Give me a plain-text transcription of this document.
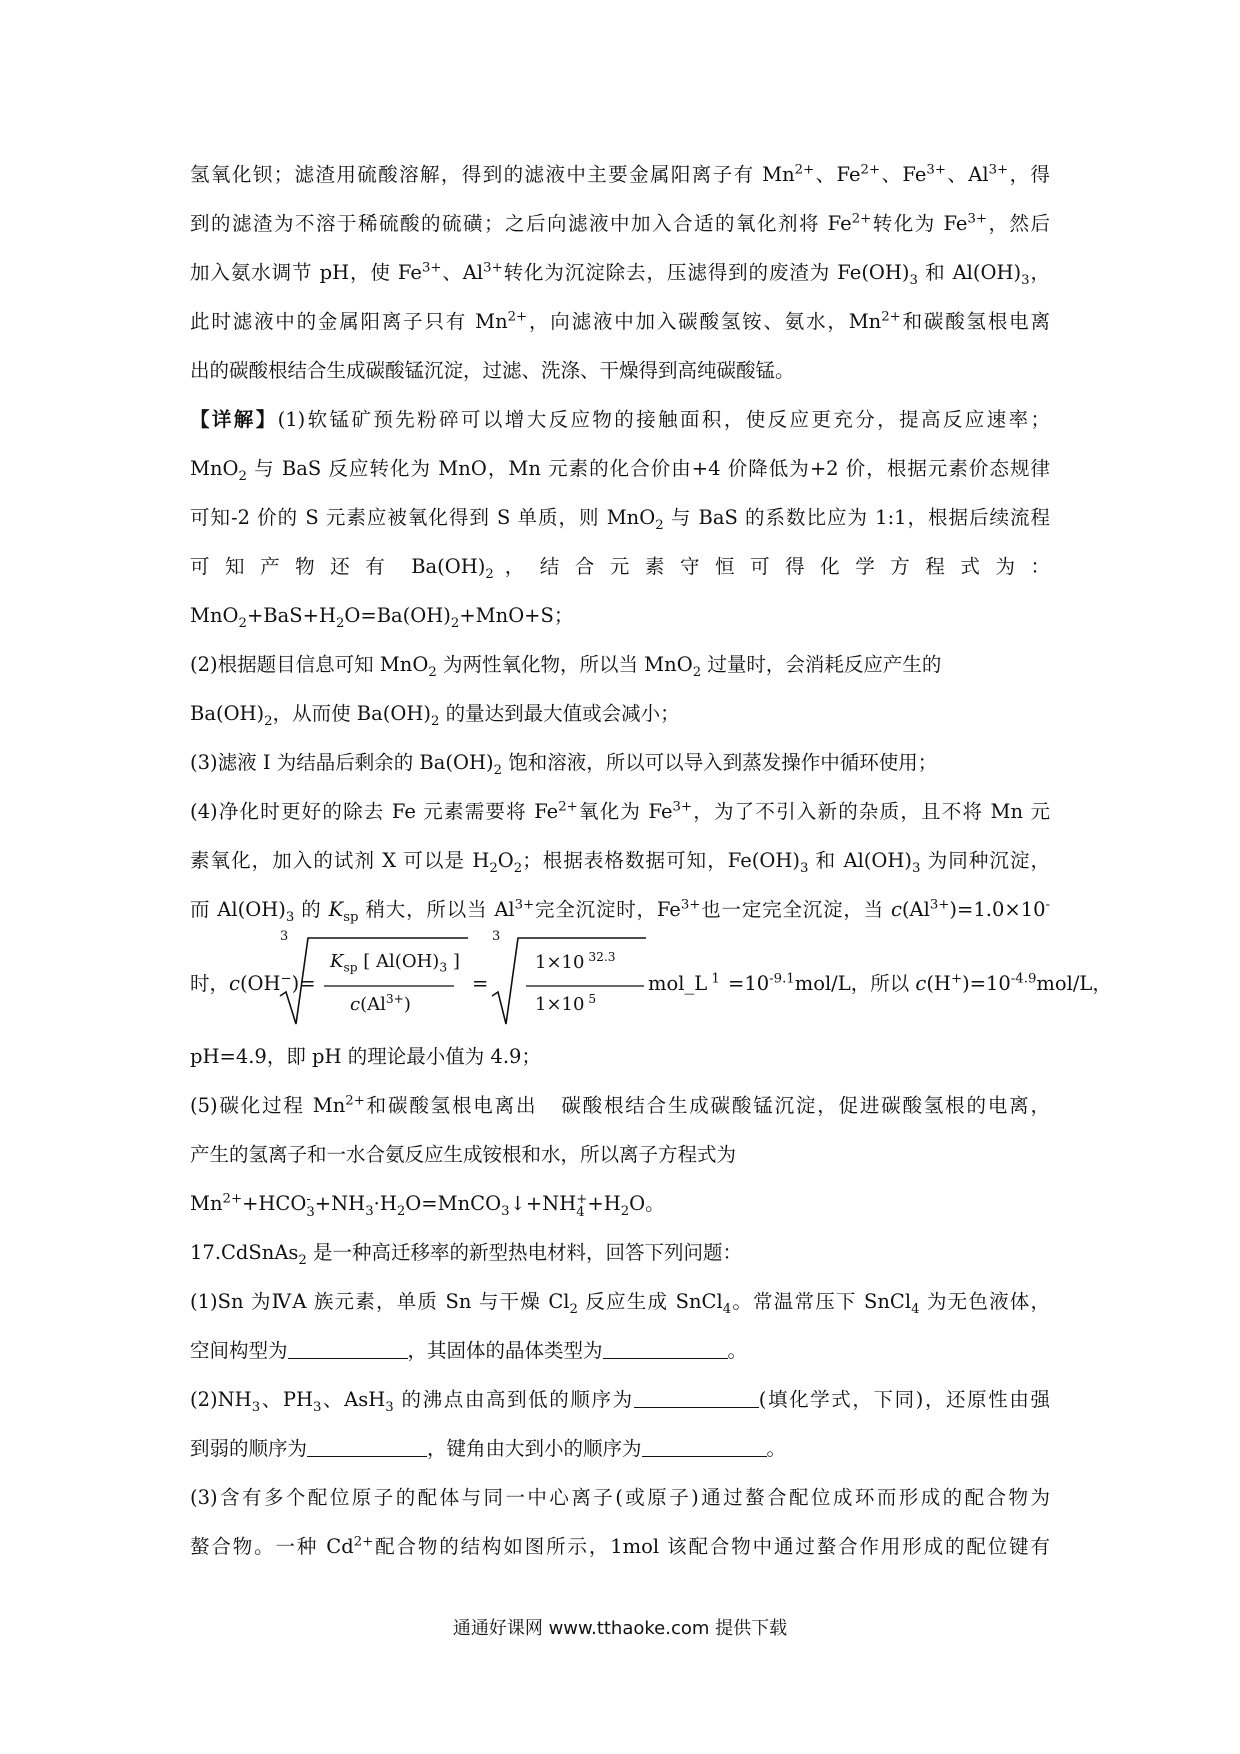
氢氧化钡；滤渣用硫酸溶解，得到的滤液中主要金属阳离子有 $Mn^{2+}$、$Fe^{2+}$、$Fe^{3+}$、$Al^{3+}$，得
到的滤渣为不溶于稀硫酸的硫磺；之后向滤液中加入合适的氧化剂将 $Fe^{2+}$转化为 $Fe^{3+}$，然后
加入氨水调节 pH，使 $Fe^{3+}$、$Al^{3+}$转化为沉淀除去，压滤得到的废渣为 $Fe(OH)_3$ 和 $Al(OH)_3$，
此时滤液中的金属阳离子只有 $Mn^{2+}$，向滤液中加入碳酸氢铵、氨水，$Mn^{2+}$和碳酸氢根电离
出的碳酸根结合生成碳酸锰沉淀，过滤、洗涤、干燥得到高纯碳酸锰。
【详解】(1)软锰矿预先粉碎可以增大反应物的接触面积，使反应更充分，提高反应速率；
MnO$_2$ 与 BaS 反应转化为 MnO，Mn 元素的化合价由+4 价降低为+2 价，根据元素价态规律
可知-2 价的 S 元素应被氧化得到 S 单质，则 MnO$_2$ 与 BaS 的系数比应为 1:1，根据后续流程
可 知 产 物 还 有  $Ba(OH)_2$ ， 结 合 元 素 守 恒 可 得 化 学 方 程 式 为 ：
$MnO_2+BaS+H_2O=Ba(OH)_2+MnO+S$；
(2)根据题目信息可知 MnO$_2$ 为两性氧化物，所以当 MnO$_2$ 过量时，会消耗反应产生的
$Ba(OH)_2$，从而使 $Ba(OH)_2$ 的量达到最大值或会减小；
(3)滤液 I 为结晶后剩余的 $Ba(OH)_2$ 饱和溶液，所以可以导入到蒸发操作中循环使用；
(4)净化时更好的除去 Fe 元素需要将 $Fe^{2+}$氧化为 $Fe^{3+}$，为了不引入新的杂质，且不将 Mn 元
素氧化，加入的试剂 X 可以是 $H_2O_2$；根据表格数据可知，$Fe(OH)_3$ 和 $Al(OH)_3$ 为同种沉淀，
而 $Al(OH)_3$ 的 $K_{sp}$ 稍大，所以当 $Al^{3+}$完全沉淀时，$Fe^{3+}$也一定完全沉淀，当 $c(Al^{3+})=1.0\times 10^-$
时，c(OH−)=
3
$K_{sp}$ [ $Al(OH)_3$ ]
$c(Al^{3+})$
=
3
1×10 $^{32.3}$
1×10 $^5$
mol_L $^1 =10^{-9.1}mol/L$，所以 $c(H^+)=10^{-4.9}mol/L$，
pH=4.9，即 pH 的理论最小值为 4.9；
(5)碳化过程 $Mn^{2+}$和碳酸氢根电离出   碳酸根结合生成碳酸锰沉淀，促进碳酸氢根的电离，
产生的氢离子和一水合氨反应生成铵根和水，所以离子方程式为
$Mn^{2+}+HCO$ -
$3 +NH_3\cdot H_2O=MnCO_3↓+NH$ +
$4 +H_2O$。
17.CdSnAs$_2$ 是一种高迁移率的新型热电材料，回答下列问题：
(1)Sn 为ⅣA 族元素，单质 Sn 与干燥 $Cl_2$ 反应生成 SnCl$_4$。常温常压下 SnCl$_4$ 为无色液体，
空间构型为	，其固体的晶体类型为	。
$(2)NH_3$、$PH_3$、AsH$_3$ 的沸点由高到低的顺序为	(填化学式，下同)，还原性由强
到弱的顺序为	，键角由大到小的顺序为	。
(3)含有多个配位原子的配体与同一中心离子(或原子)通过螯合配位成环而形成的配合物为
螯合物。一种 $Cd^{2+}$配合物的结构如图所示，1mol 该配合物中通过螯合作用形成的配位键有
通通好课网 www.tthaoke.com 提供下载
